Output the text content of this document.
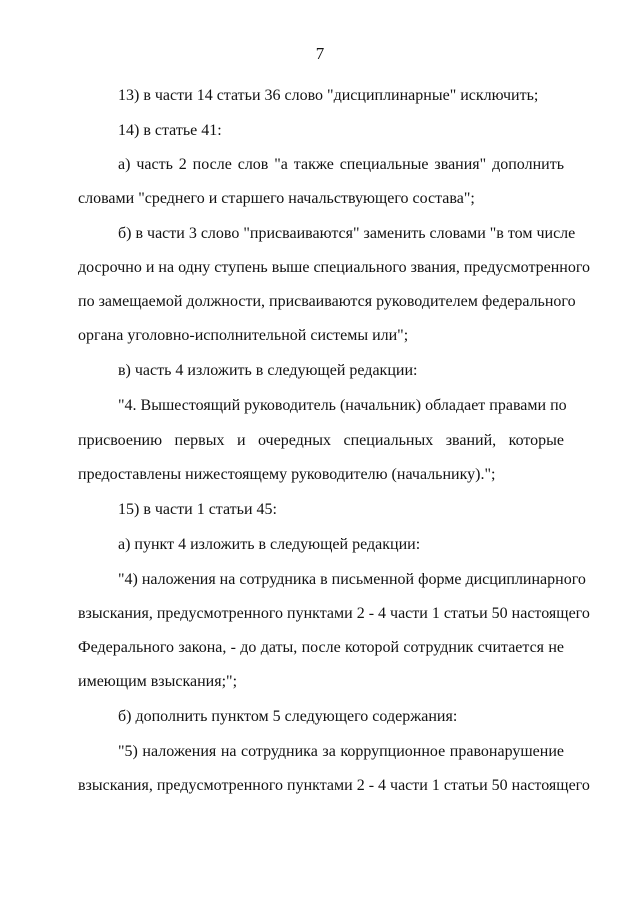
7
13) в части 14 статьи 36 слово "дисциплинарные" исключить;
14) в статье 41:
а) часть 2 после слов "а также специальные звания" дополнить
словами "среднего и старшего начальствующего состава";
б) в части 3 слово "присваиваются" заменить словами "в том числе
досрочно и на одну ступень выше специального звания, предусмотренного
по замещаемой должности, присваиваются руководителем федерального
органа уголовно-исполнительной системы или";
в) часть 4 изложить в следующей редакции:
"4. Вышестоящий руководитель (начальник) обладает правами по
присвоению первых и очередных специальных званий, которые
предоставлены нижестоящему руководителю (начальнику).";
15) в части 1 статьи 45:
а) пункт 4 изложить в следующей редакции:
"4) наложения на сотрудника в письменной форме дисциплинарного
взыскания, предусмотренного пунктами 2 - 4 части 1 статьи 50 настоящего
Федерального закона, - до даты, после которой сотрудник считается не
имеющим взыскания;";
б) дополнить пунктом 5 следующего содержания:
"5) наложения на сотрудника за коррупционное правонарушение
взыскания, предусмотренного пунктами 2 - 4 части 1 статьи 50 настоящего
